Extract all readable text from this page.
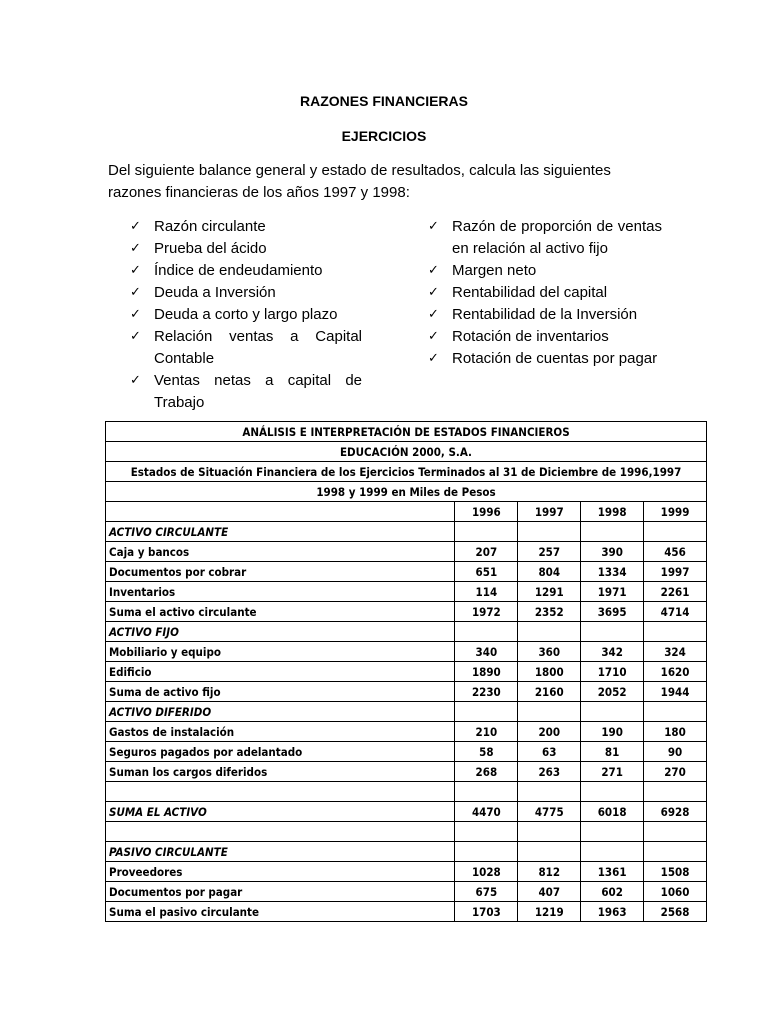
RAZONES FINANCIERAS
EJERCICIOS
Del siguiente balance general y estado de resultados, calcula las siguientes razones financieras de los años 1997 y 1998:
✓ Razón circulante
✓ Prueba del ácido
✓ Índice de endeudamiento
✓ Deuda a Inversión
✓ Deuda a corto y largo plazo
✓ Relación ventas a Capital Contable
✓ Ventas netas a capital de Trabajo
✓ Razón de proporción de ventas en relación al activo fijo
✓ Margen neto
✓ Rentabilidad del capital
✓ Rentabilidad de la Inversión
✓ Rotación de inventarios
✓ Rotación de cuentas por pagar
ANÁLISIS E INTERPRETACIÓN DE ESTADOS FINANCIEROS				
EDUCACIÓN 2000, S.A.				
Estados de Situación Financiera de los Ejercicios Terminados al 31 de Diciembre de 1996,1997				
1998 y 1999 en Miles de Pesos				
	1996	1997	1998	1999
ACTIVO CIRCULANTE				
Caja y bancos	207	257	390	456
Documentos por cobrar	651	804	1334	1997
Inventarios	114	1291	1971	2261
Suma el activo circulante	1972	2352	3695	4714
ACTIVO FIJO				
Mobiliario y equipo	340	360	342	324
Edificio	1890	1800	1710	1620
Suma de activo fijo	2230	2160	2052	1944
ACTIVO DIFERIDO				
Gastos de instalación	210	200	190	180
Seguros pagados por adelantado	58	63	81	90
Suman los cargos diferidos	268	263	271	270

SUMA EL ACTIVO	4470	4775	6018	6928

PASIVO CIRCULANTE				
Proveedores	1028	812	1361	1508
Documentos por pagar	675	407	602	1060
Suma el pasivo circulante	1703	1219	1963	2568
